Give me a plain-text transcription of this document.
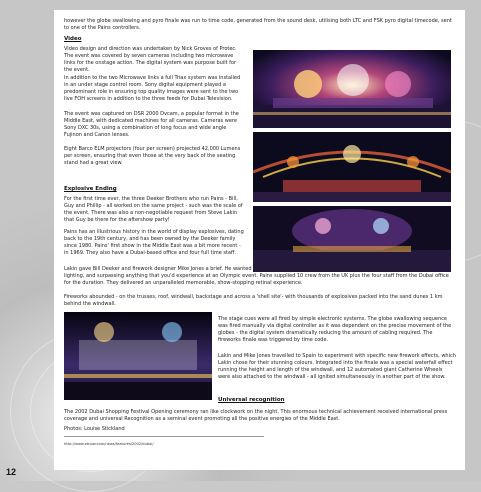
however the globe swallowing and pyro finale was run to time code, generated from the sound desk, utilising both LTC and FSK pyro digital timecode, sent to one of the Pains controllers.
Video
Video design and direction was undertaken by Nick Groves of Protec. The event was covered by seven cameras including two microwave links for the onstage action. The digital system was purpose built for the event.
In addition to the two Microwave links a full Triax system was installed in an under stage control room. Sony digital equipment played a predominant role in ensuring top quality images were sent to the two live FOH screens in addition to the three feeds for Dubai Television.
The event was captured on DSR 2000 Dvcam, a popular format in the Middle East, with dedicated machines for all cameras. Cameras were Sony DXC 30s, using a combination of long focus and wide angle Fujinon and Canon lenses.
Eight Barco ELM projectors (four per screen) projected 42,000 Lumens per screen, ensuring that even those at the very back of the seating stand had a great view.
Explosive Ending
For the first time ever, the three Deeker Brothers who run Pains - Bill, Guy and Phillip - all worked on the same project - such was the scale of the event. There was also a non-negotiable request from Steve Lakin that Guy be there for the aftershow party!
Pains has an illustrious history in the world of display explosives, dating back to the 19th century, and has been owned by the Deeker family since 1980. Pains' first show in the Middle East was a bit more recent - in 1969. They also have a Dubai-based office and four full time staff.
Lakin gave Bill Deeker and firework designer Mike Jones a brief. He wanted a world class firework show, as integral to the performance as sound and lighting, and surpassing anything that you'd experience at an Olympic event. Pains supplied 10 crew from the UK plus the four staff from the Dubai office for the duration. They delivered an unparalleled memorable, show-stopping retinal experience.
Fireworks abounded - on the trusses, roof, windwall, backstage and across a 'shell site'- with thousands of explosives packed into the sand dunes 1 km behind the windwall.
The stage cues were all fired by simple electronic systems. The globe swallowing sequence was fired manually via digital controller as it was dependent on the precise movement of the globes - the digital system dramatically reducing the amount of cabling required. The fireworks finale was triggered by time code.
Lakin and Mike Jones travelled to Spain to experiment with specific new firework effects, which Lakin chose for their stunning colours. Integrated into the finale was a special waterfall effect running the height and length of the windwall, and 12 automated giant Catherine Wheels were also attached to the windwall - all ignited simultaneously in another part of the show.
Universal recognition
The 2002 Dubai Shopping Festival Opening ceremony ran like clockwork on the night. This enormous technical achievement received international press coverage and universal Recognition as a seminal event promoting all the positive energies of the Middle East.
Photos: Louise Stickland
http://www.etnow.com/news/features/2002/dubai/
12
